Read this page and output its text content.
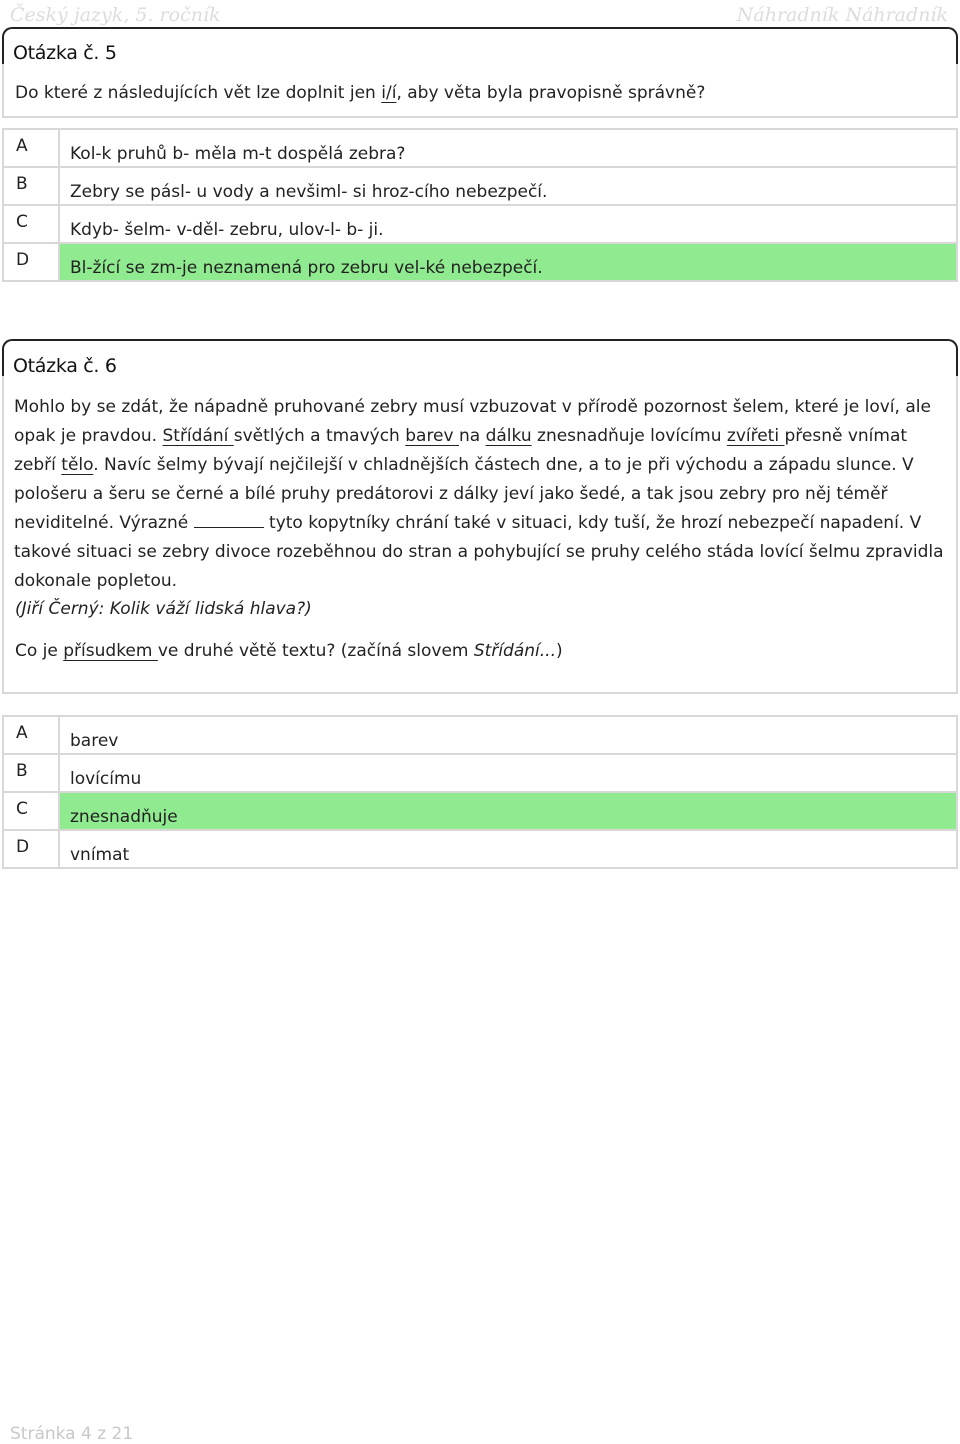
Český jazyk, 5. ročník	Náhradník Náhradník
Otázka č. 5
Do které z následujících vět lze doplnit jen i/í, aby věta byla pravopisně správně?
A	Kol-k pruhů b- měla m-t dospělá zebra?
B	Zebry se pásl- u vody a nevšiml- si hroz-cího nebezpečí.
C	Kdyb- šelm- v-děl- zebru, ulov-l- b- ji.
D	Bl-žící se zm-je neznamená pro zebru vel-ké nebezpečí.
Otázka č. 6
Mohlo by se zdát, že nápadně pruhované zebry musí vzbuzovat v přírodě pozornost šelem, které je loví, ale opak je pravdou. Střídání světlých a tmavých barev na dálku znesnadňuje lovícímu zvířeti přesně vnímat zebří tělo. Navíc šelmy bývají nejčilejší v chladnějších částech dne, a to je při východu a západu slunce. V pološeru a šeru se černé a bílé pruhy predátorovi z dálky jeví jako šedé, a tak jsou zebry pro něj téměř neviditelné. Výrazné	tyto kopytníky chrání také v situaci, kdy tuší, že hrozí nebezpečí napadení. V takové situaci se zebry divoce rozeběhnou do stran a pohybující se pruhy celého stáda lovící šelmu zpravidla dokonale popletou.
(Jiří Černý: Kolik váží lidská hlava?)
Co je přísudkem ve druhé větě textu? (začíná slovem Střídání...)
A	barev
B	lovícímu
C	znesnadňuje
D	vnímat
Stránka 4 z 21
